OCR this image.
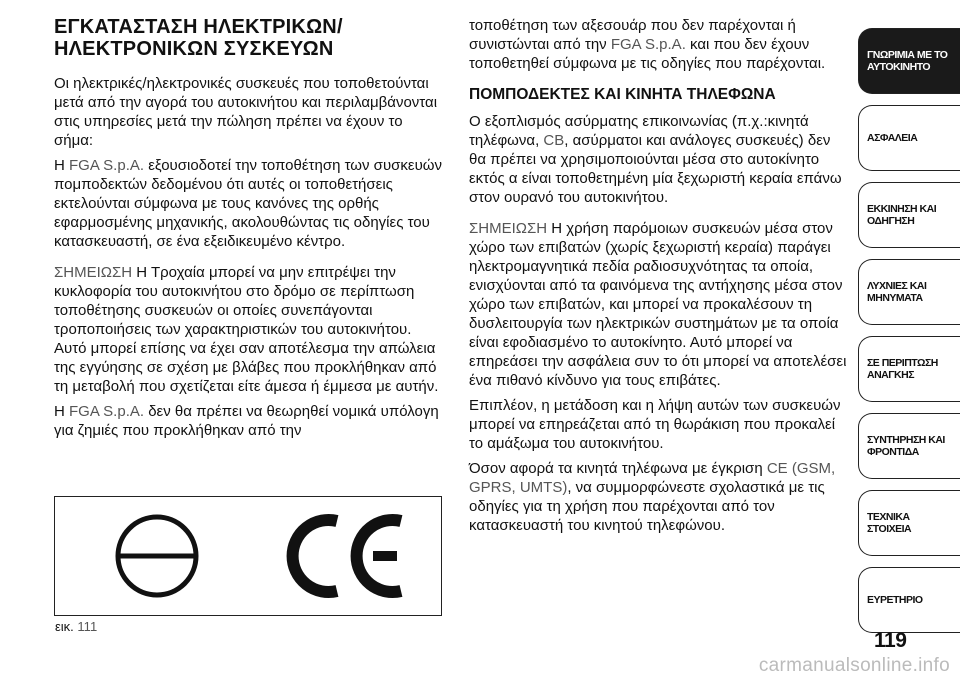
ΕΓΚΑΤΑΣΤΑΣΗ ΗΛΕΚΤΡΙΚΩΝ/ ΗΛΕΚΤΡΟΝΙΚΩΝ ΣΥΣΚΕΥΩΝ

Οι ηλεκτρικές/ηλεκτρονικές συσκευές που τοποθετούνται μετά από την αγορά του αυτοκινήτου και περιλαμβάνονται στις υπηρεσίες μετά την πώληση πρέπει να έχουν το σήμα:

Η FGA S.p.A. εξουσιοδοτεί την τοποθέτηση των συσκευών πομποδεκτών δεδομένου ότι αυτές οι τοποθετήσεις εκτελούνται σύμφωνα με τους κανόνες της ορθής εφαρμοσμένης μηχανικής, ακολουθώντας τις οδηγίες του κατασκευαστή, σε ένα εξειδικευμένο κέντρο.

ΣΗΜΕΙΩΣΗ Η Τροχαία μπορεί να μην επιτρέψει την κυκλοφορία του αυτοκινήτου στο δρόμο σε περίπτωση τοποθέτησης συσκευών οι οποίες συνεπάγονται τροποποιήσεις των χαρακτηριστικών του αυτοκινήτου. Αυτό μπορεί επίσης να έχει σαν αποτέλεσμα την απώλεια της εγγύησης σε σχέση με βλάβες που προκλήθηκαν από τη μεταβολή που σχετίζεται είτε άμεσα ή έμμεσα με αυτήν.

Η FGA S.p.A. δεν θα πρέπει να θεωρηθεί νομικά υπόλογη για ζημιές που προκλήθηκαν από την

εικ. 111

τοποθέτηση των αξεσουάρ που δεν παρέχονται ή συνιστώνται από την FGA S.p.A. και που δεν έχουν τοποθετηθεί σύμφωνα με τις οδηγίες που παρέχονται.

ΠΟΜΠΟΔΕΚΤΕΣ ΚΑΙ ΚΙΝΗΤΑ ΤΗΛΕΦΩΝΑ

Ο εξοπλισμός ασύρματης επικοινωνίας (π.χ.:κινητά τηλέφωνα, CB, ασύρματοι και ανάλογες συσκευές) δεν θα πρέπει να χρησιμοποιούνται μέσα στο αυτοκίνητο εκτός α είναι τοποθετημένη μία ξεχωριστή κεραία επάνω στον ουρανό του αυτοκινήτου.

ΣΗΜΕΙΩΣΗ Η χρήση παρόμοιων συσκευών μέσα στον χώρο των επιβατών (χωρίς ξεχωριστή κεραία) παράγει ηλεκτρομαγνητικά πεδία ραδιοσυχνότητας τα οποία, ενισχύονται από τα φαινόμενα της αντήχησης μέσα στον χώρο των επιβατών, και μπορεί να προκαλέσουν τη δυσλειτουργία των ηλεκτρικών συστημάτων με τα οποία είναι εφοδιασμένο το αυτοκίνητο. Αυτό μπορεί να επηρεάσει την ασφάλεια συν το ότι μπορεί να αποτελέσει ένα πιθανό κίνδυνο για τους επιβάτες.

Επιπλέον, η μετάδοση και η λήψη αυτών των συσκευών μπορεί να επηρεάζεται από τη θωράκιση που προκαλεί το αμάξωμα του αυτοκινήτου.

Όσον αφορά τα κινητά τηλέφωνα με έγκριση CE (GSM, GPRS, UMTS), να συμμορφώνεστε σχολαστικά με τις οδηγίες για τη χρήση που παρέχονται από τον κατασκευαστή του κινητού τηλεφώνου.

ΓΝΩΡΙΜΙΑ ΜΕ ΤΟ ΑΥΤΟΚΙΝΗΤΟ
ΑΣΦΑΛΕΙΑ
ΕΚΚΙΝΗΣΗ ΚΑΙ ΟΔΗΓΗΣΗ
ΛΥΧΝΙΕΣ ΚΑΙ ΜΗΝΥΜΑΤΑ
ΣΕ ΠΕΡΙΠΤΩΣΗ ΑΝΑΓΚΗΣ
ΣΥΝΤΗΡΗΣΗ ΚΑΙ ΦΡΟΝΤΙΔΑ
ΤΕΧΝΙΚΑ ΣΤΟΙΧΕΙΑ
ΕΥΡΕΤΗΡΙΟ
119
carmanualsonline.info
